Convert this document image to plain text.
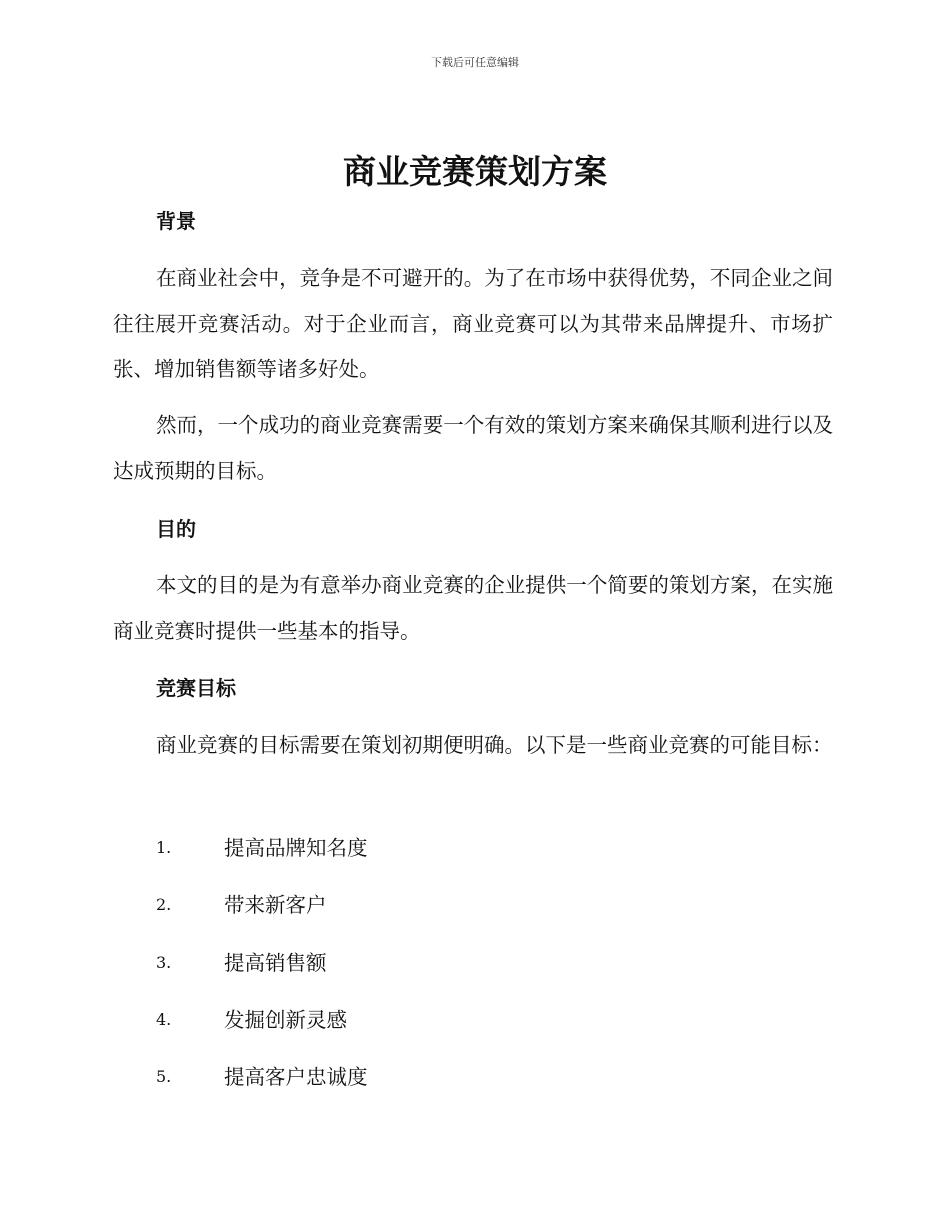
下载后可任意编辑
商业竞赛策划方案
背景

在商业社会中，竞争是不可避开的。为了在市场中获得优势，不同企业之间往往展开竞赛活动。对于企业而言，商业竞赛可以为其带来品牌提升、市场扩张、增加销售额等诸多好处。

然而，一个成功的商业竞赛需要一个有效的策划方案来确保其顺利进行以及达成预期的目标。

目的

本文的目的是为有意举办商业竞赛的企业提供一个简要的策划方案，在实施商业竞赛时提供一些基本的指导。

竞赛目标

商业竞赛的目标需要在策划初期便明确。以下是一些商业竞赛的可能目标：

1.	提高品牌知名度
2.	带来新客户
3.	提高销售额
4.	发掘创新灵感
5.	提高客户忠诚度
